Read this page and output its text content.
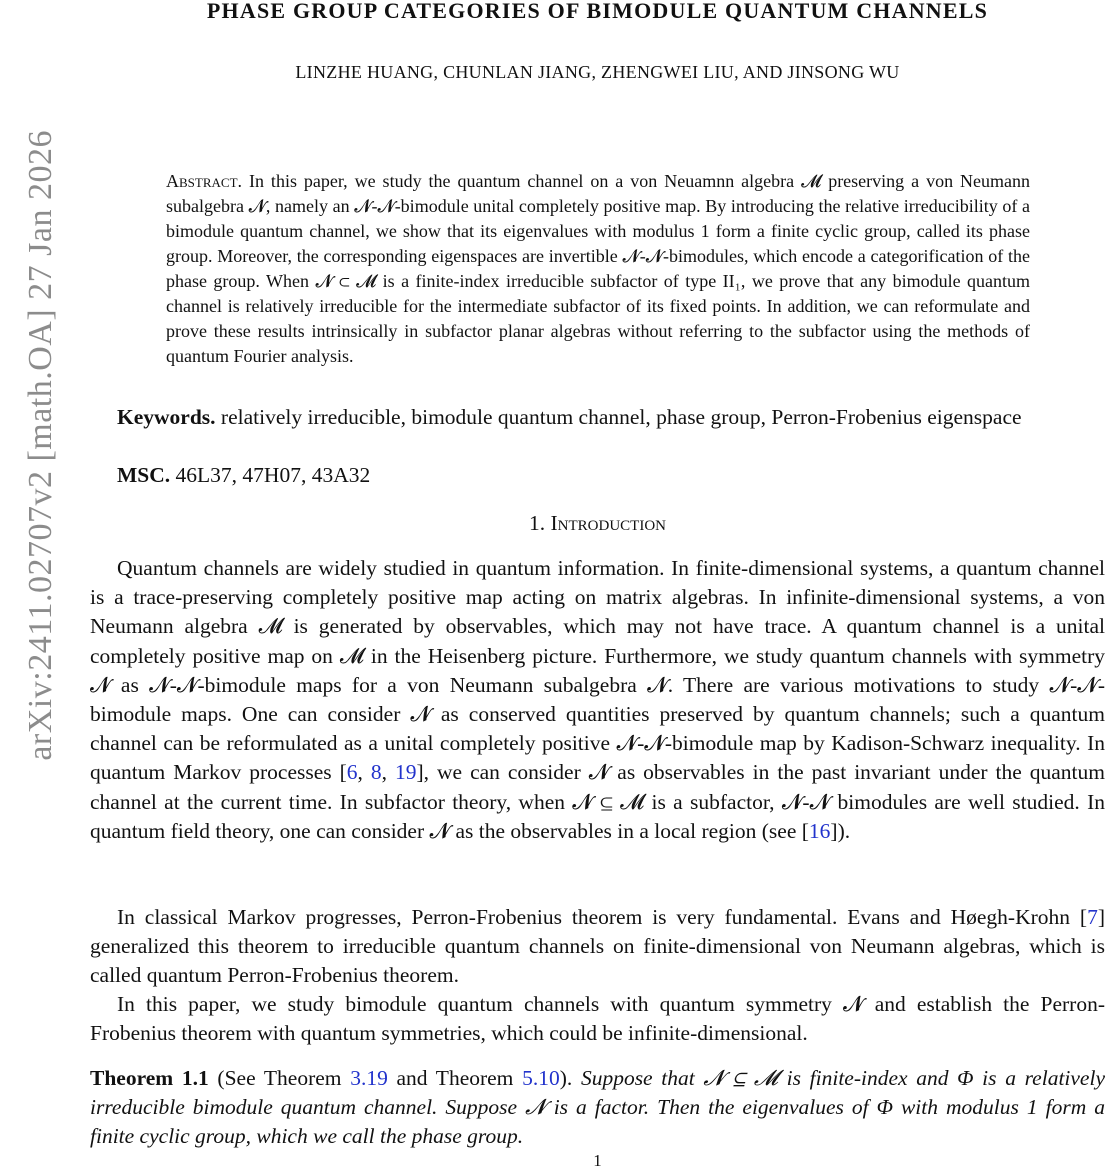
arXiv:2411.02707v2 [math.OA] 27 Jan 2026
PHASE GROUP CATEGORIES OF BIMODULE QUANTUM CHANNELS
LINZHE HUANG, CHUNLAN JIANG, ZHENGWEI LIU, AND JINSONG WU
Abstract. In this paper, we study the quantum channel on a von Neuamnn algebra 𝓜 preserving a von Neumann subalgebra 𝓝, namely an 𝓝-𝓝-bimodule unital completely positive map. By introducing the relative irreducibility of a bimodule quantum channel, we show that its eigenvalues with modulus 1 form a finite cyclic group, called its phase group. Moreover, the corresponding eigenspaces are invertible 𝓝-𝓝-bimodules, which encode a categorification of the phase group. When 𝓝 ⊂ 𝓜 is a finite-index irreducible subfactor of type II₁, we prove that any bimodule quantum channel is relatively irreducible for the intermediate subfactor of its fixed points. In addition, we can reformulate and prove these results intrinsically in subfactor planar algebras without referring to the subfactor using the methods of quantum Fourier analysis.
Keywords. relatively irreducible, bimodule quantum channel, phase group, Perron-Frobenius eigenspace
MSC. 46L37, 47H07, 43A32
1. Introduction

Quantum channels are widely studied in quantum information. In finite-dimensional systems, a quantum channel is a trace-preserving completely positive map acting on matrix algebras. In infinite-dimensional systems, a von Neumann algebra 𝓜 is generated by observables, which may not have trace. A quantum channel is a unital completely positive map on 𝓜 in the Heisenberg picture. Furthermore, we study quantum channels with symmetry 𝓝 as 𝓝-𝓝-bimodule maps for a von Neumann subalgebra 𝓝. There are various motivations to study 𝓝-𝓝-bimodule maps. One can consider 𝓝 as conserved quantities preserved by quantum channels; such a quantum channel can be reformulated as a unital completely positive 𝓝-𝓝-bimodule map by Kadison-Schwarz inequality. In quantum Markov processes [6, 8, 19], we can consider 𝓝 as observables in the past invariant under the quantum channel at the current time. In subfactor theory, when 𝓝 ⊆ 𝓜 is a subfactor, 𝓝-𝓝 bimodules are well studied. In quantum field theory, one can consider 𝓝 as the observables in a local region (see [16]).

In classical Markov progresses, Perron-Frobenius theorem is very fundamental. Evans and Høegh-Krohn [7] generalized this theorem to irreducible quantum channels on finite-dimensional von Neumann algebras, which is called quantum Perron-Frobenius theorem.

In this paper, we study bimodule quantum channels with quantum symmetry 𝓝 and establish the Perron-Frobenius theorem with quantum symmetries, which could be infinite-dimensional.

Theorem 1.1 (See Theorem 3.19 and Theorem 5.10). Suppose that 𝓝 ⊆ 𝓜 is finite-index and Φ is a relatively irreducible bimodule quantum channel. Suppose 𝓝 is a factor. Then the eigenvalues of Φ with modulus 1 form a finite cyclic group, which we call the phase group.

1
